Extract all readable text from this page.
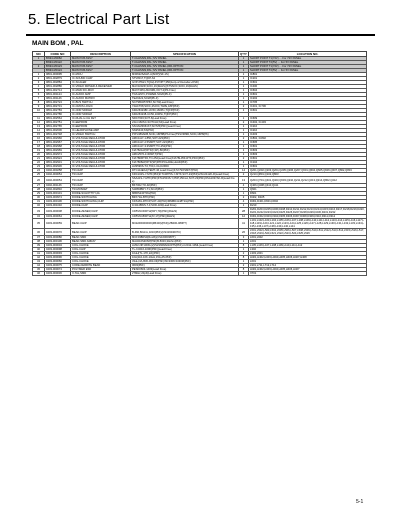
5. Electrical Part List
MAIN BOM , PAL
NO	CODE NO	DESCRIPTION	SPECIFICATION	Q'TY	LOCATION NO.
1	BN94-M0082	MAIN PCB ASSY	T-CHASSIS,PAL,72V PANEL	1	SHORT POINT T1(72V) ... For 72V PANEL
	BN94-M0122	MAIN PCB ASSY	T-CHASSIS,PAL,72V PANEL	1	SHORT POINT T2(5V) ... For 5V PANEL
2	BN94-M0123	MAIN PCB ASSY	T-CHASSIS,PAL,72V PANEL,IRR-OPTION	1	SHORT POINT T1(72V) ... For 72V PANEL
	BN94-M0124	MAIN PCB ASSY	T-CHASSIS,PAL,72V PANEL,IRR-OPTION	1	SHORT POINT T2(5V) ... For 5V PANEL
1	0801-000095	IC-MICU	M30622SAGP-A(SOP)(SF-1S)	1	IC801
2	0801-002879	IC-SOUND CHIP	STV8017,TQFP-64	1	IC201
3	0801-002884	IC-SCALER	GVP-PW21,TQG(LP-POP?,350(1en)+V-Decoder+OSD)	1	IC601
4	0801-002886	IC-VIDEO DRIVER & RECEIVER	MAX3232R,SOIC,16(RoHS)(STSSOC,SOIC,16(RoHS)	1	IC400
5	0801-002714	IC-MAIN DC-MUX	MAX7445,HSC9M1,OCT-2(Pb-Free)	1	IC604
6	0801-001124	IC-AUDIO AMP	TDA1297C,POWER-SO20(Pb-F)	1	IC601
7	0801-001146	IC-AUDIO MATRIX	TEA6422,SO28(Pb-F)	1	IC202
8	0801-002724	IC-BUS SWITCH	NC7SB3257P6X,SC70(Lead Free)	1	IC705
9	0801-002731	IC-CMOS LOGIC	74HCT08,SOIC,2SOIC,TAPE,18P(PbF)	2	IC401, IC706
10	0801-002783	IC-CDR SDRAM	K4D263238F-UC50,160Pin,TQFP(PbF)	1	IC601
	0801-002786	IC-CDR SDRAM	K4D263238-UC50,100Pin,TQFP(PbF)		
11	0801-002564	IC-DUAL H-CH FET	NDC7003,SOT-6(Lead Free)	1	IC609
12	0801-002751	IC-EEPROM	24LC160SC-SOTCLR,64(Lead Free)	2	IC402, IC403
13	0801-002765	IC-EEPROM	SSOAM3661ST,SOT25(PbF)(Lead Free)	1	IC210
14	0801-002606	IC-HEADPHONE AMP	SN2544F,SS(PbF)	1	IC210
15	0801-002748	IC-VIDEO SWITCH	PIXV389ADB,SOIC,16P8B(Pb-Free)TSSV389D,SOIC,16P8(Pb)	1	IC403
16	0801-002966	IC-VOLTAGE REGULATOR	AMC1117-1.85K,SOT-223(PbF)	2	IC802, IC802
17	0801-002967	IC-VOLTAGE REGULATOR	AMC1117-2.5SMPT,SOT-223(PbF)	1	IC605
18	0801-002968	IC-VOLTAGE REGULATOR	AMC1117-3.3SMPT,TO-252(PbF)	1	IC601
19	0801-002969	IC-VOLTAGE REGULATOR	KIA7821AP,RTF(F,SP)-80(PbF)	1	IC603
20	0801-002974	IC-VOLTAGE REGULATOR	AMC2576-3.3DSP,T(PbF)	1	IC603
21	0801-002924	IC-VOLTAGE REGULATOR	KIA78DRTPA,TO-252(Lead Free)KIA78L05F-RTF,PDO(PbF)	2	IC601
22	0801-002931	IC-VOLTAGE REGULATOR	KIA7808AP,RTF(SP)RTFPOLADE,LEAD(PbF)	1	IC104
23	0801-002936	IC-VOLTAGE REGULATOR	LM2596S-T.0,T60,1.0A,D2PAK	1	IC601
24	0402-000258	TR-CHIP	DTC114EKA(TEMT-46,Lead Free)(F,SY/SOSM/T/(PbF)	14	Q201,Q202,Q203,Q204,Q205,Q206,Q207,Q601,Q604,Q605,Q606,Q607,Q802,Q803
25	0402-000054	TR-CHIP	KRC102S-Y-MTF(PbF)KTC3875S-Y-MTK,SOT-23(PbF)/2SC2412K-R(Lead Free)	2	Q210,Q801,Q102,Q803
26	0402-000054	TR-CHIP	SSA41S-Y-MTF(PbF)KTA1504S-Y,PNP,150mA,SOT-23(PbF)/2SA1037AK-R(Lead Free)	13	Q203,Q701,Q401,Q403,Q603,Q210,Q211,Q212,Q213,Q214,Q802,Q412
27	0402-001146	TR-CHIP	BK7002,TO-92(PbF)	4	Q406,Q408,Q410,Q411
28	0402-002840	TR-MOSFET	SI4953BDY-T1,SO-8(PbF)	1	Q601
29	0403-000131	DIODE-SCHOTTKY,2A	MBRS240T3G(PbF)	1	D601
30	0403-000974	DIODE-SWITCHING	BZX71H-BTK(PbF)	2	D402, D405
31	0403-000106	DIODE-SWITCHING,CHIP	KDS181-RTK/P,SOT-23(PbF)/MMBD4148T1G(PbF)	4	D301,D401,D601,D602
32	0403-001040	DIODE-CHIP	1N4148WS-7-F,SOD-323(Lead Free)	1	D210
33	0403-000008	DIODE-ZENER,CHIP	CD5V6C600TH(KRY,70)(PbF)(RoHS)	28	D201,D203,D205,D206,D208,D210,D211,D212,D213,D214,D215,D216,D217,D218,D219,D220,D221,D222,D223,D224,D225,D226,D227,D228,D229,D230,D231,D232
34	0403-000064	DIODE-ZENER,CHIP	CD5V6C800TH(AY,17)(PbF)(RoHS)	12	D301,D302,D303,D304,D305,D306,D307,D308,D309,D310,D311,D312
35	0403-000059	BEAD-CHIP	MCE00D000030(ZB400)(PbF)(ZB400-080PT)	41	L101,L102,L103,L104,L105,L106,L107,L108,L109,L110,L111,L112,L113,L114,L115,L116,L117,L118,L119,L120,L121,L122,L123,L124,L125,L126,L127,L128,L129,L130,L131,L132,L133,L134,L135,L136,L137,L138,L139,L140,L141
36	0403-000070	BEAD-CHIP	B-460,80ohm,3216(PbF)(CS31604007C)	26	L501,L502,L503,L504,L505,L506,L507,L508,L509,L510,L511,L512,L513,L514,L515,L516,L517,L518,L519,L520,L521,L522,L523,L524,L525,L526
37	0403-000080	BEAD-SMD	MCF03B0S0(RoHS)(CS16060387T)	3	L601,L602
38	0403-000106	BEAD-SMD ARRAY	MA3216S30SP(PbF)B-5003,30ohm(PbF)	1	L601
39	0403-000004	COIL-CHOKE	LM02-NP100KL(2)/SZ1608A0100TS(PbF)-C2012-10ML(Lead Free)	8	L105,L106,L107,L108,L109,L110,L111,L112
40	0403-000098	COIL-CHIP	TL-C3216-100K(PbF)(Lead Free)	1	L302
41	0403-000093	COIL-CHOKE	10uH(TL-17K,2A)(PbF)	2	L303,L601
42	0403-000096	COIL-CHOKE	10H(110-10K-10uH,15A,A5-PbF)	8	H401,H402,H403,H404,H405,H406,H407,H408
43	0403-000066	COIL-CHOKE	33uH,3A,B30-063-03(PbF)/NC3308-S330M(PbF)	1	L601
44	0403-000075	CORE-FERRITE BEAD	0603(PbF)	2	L901,L711,L712,L714
45	0403-000074	POLYMER ESD	PESD0603-1403(Lead Free)	8	H401,H402,H403,H404,H405,H406,H407
46	0403-000036	X-TAL,SMD	27MHz,20pF(Lead Free)	1	X701
5-1
